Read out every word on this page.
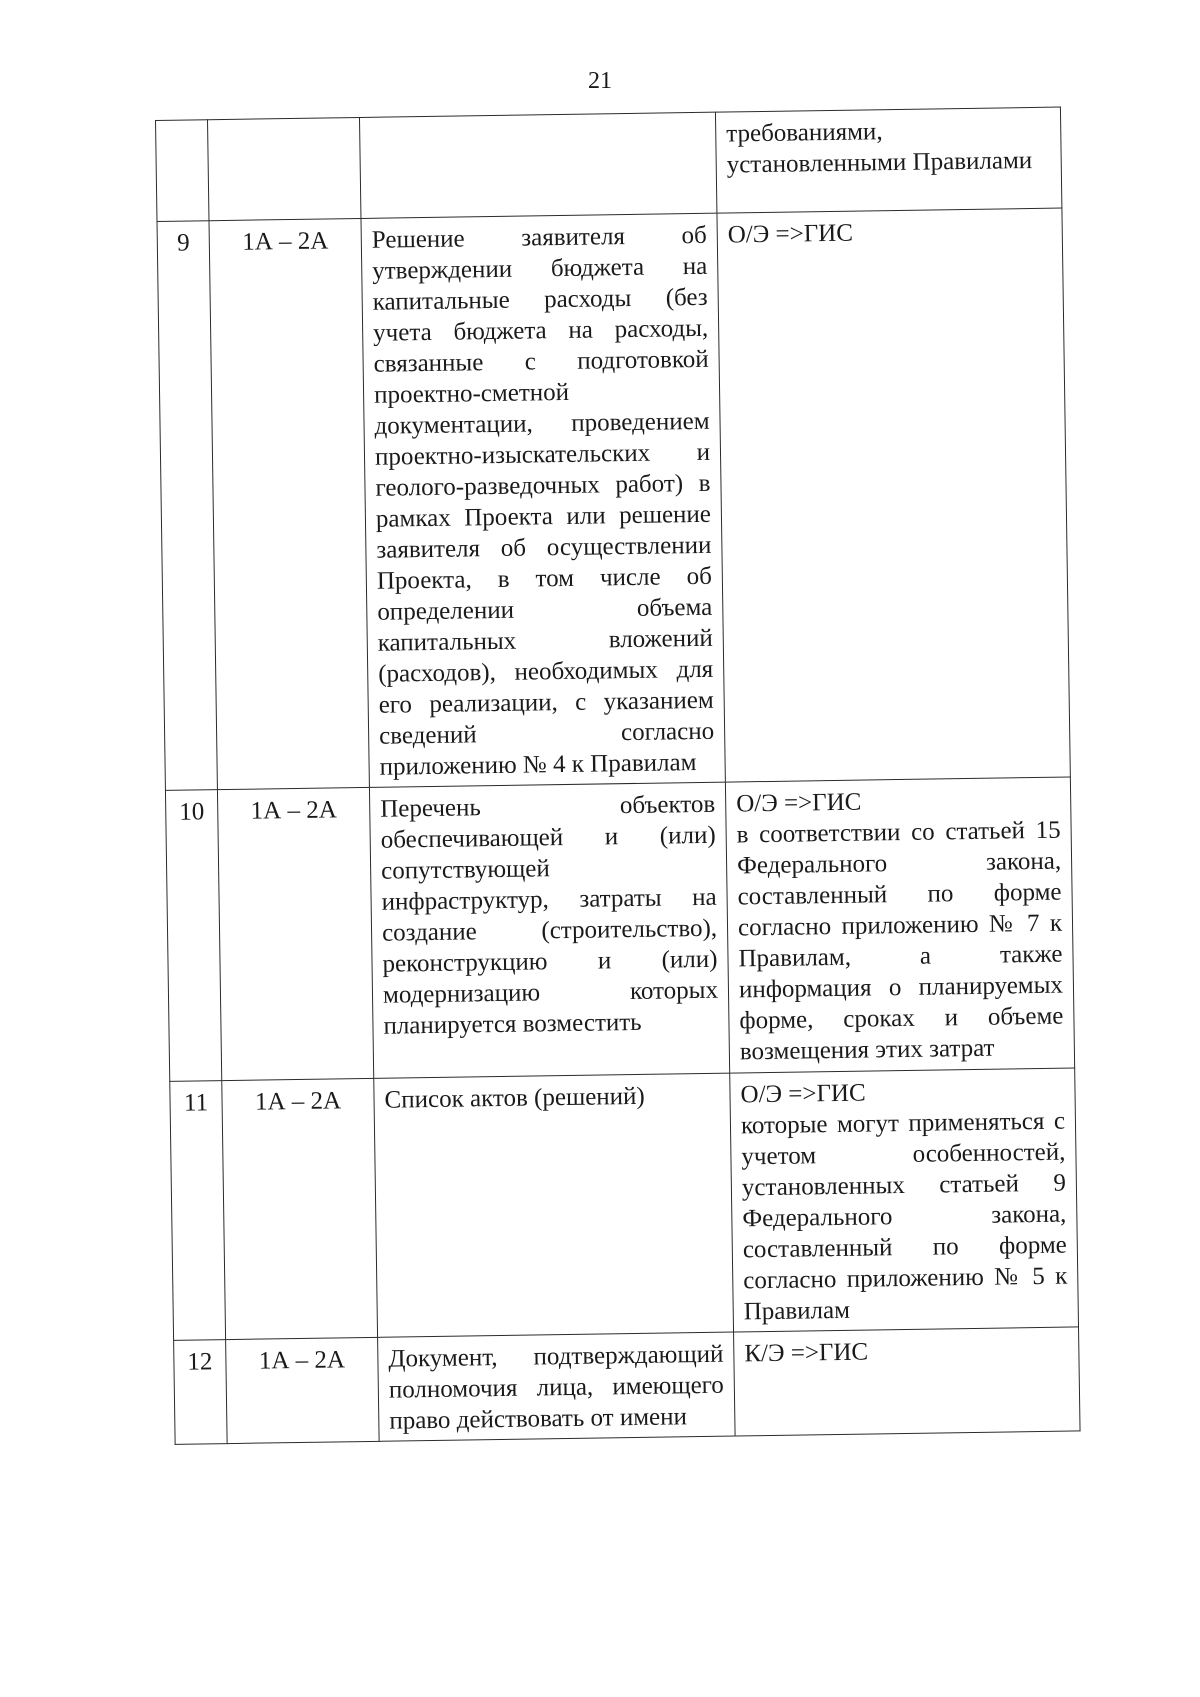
21
			требованиями, установленными Правилами
9	1А – 2А	Решение заявителя об утверждении бюджета на капитальные расходы (без учета бюджета на расходы, связанные с подготовкой проектно-сметной документации, проведением проектно-изыскательских и геолого-разведочных работ) в рамках Проекта или решение заявителя об осуществлении Проекта, в том числе об определении объема капитальных вложений (расходов), необходимых для его реализации, с указанием сведений согласно приложению № 4 к Правилам	О/Э =>ГИС

10	1А – 2А	Перечень объектов обеспечивающей и (или) сопутствующей инфраструктур, затраты на создание (строительство), реконструкцию и (или) модернизацию которых планируется возместить	О/Э =>ГИС
в соответствии со статьей 15 Федерального закона, составленный по форме согласно приложению № 7 к Правилам, а также информация о планируемых форме, сроках и объеме возмещения этих затрат

11	1А – 2А	Список актов (решений)	О/Э =>ГИС
которые могут применяться с учетом особенностей, установленных статьей 9 Федерального закона, составленный по форме согласно приложению № 5 к Правилам

12	1А – 2А	Документ, подтверждающий полномочия лица, имеющего право действовать от имени	К/Э =>ГИС
